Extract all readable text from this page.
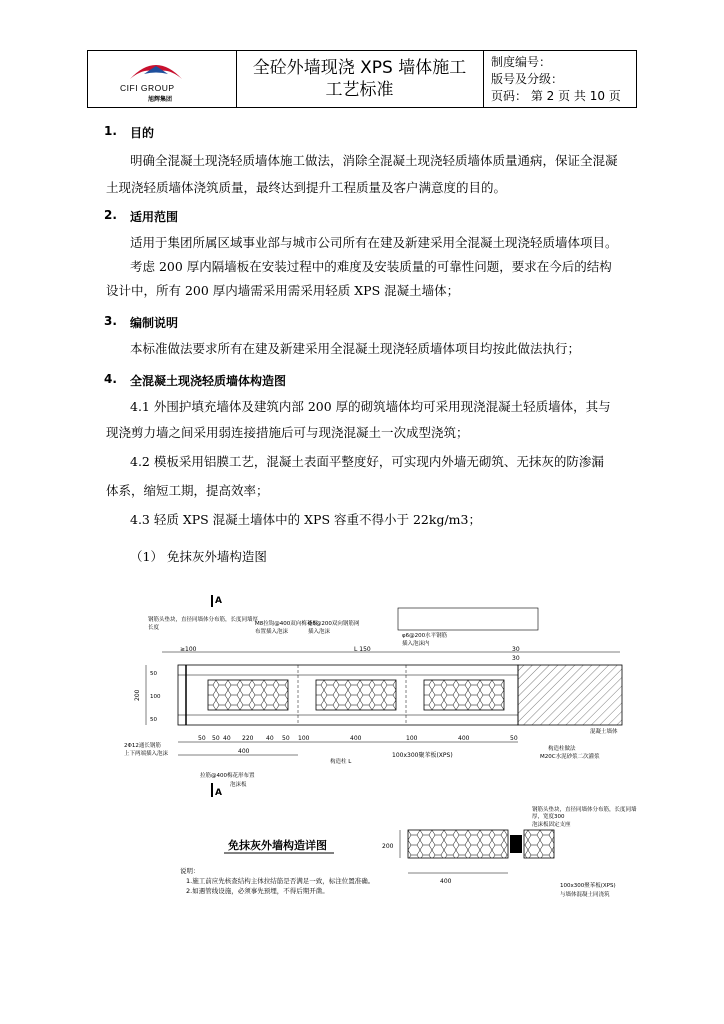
CIFI GROUP
旭辉集团
全砼外墙现浇 XPS 墙体施工
工艺标准
制度编号：
版号及分级：
页码： 第 2 页 共 10 页
1. 目的
明确全混凝土现浇轻质墙体施工做法，消除全混凝土现浇轻质墙体质量通病，保证全混凝
土现浇轻质墙体浇筑质量，最终达到提升工程质量及客户满意度的目的。
2. 适用范围
适用于集团所属区域事业部与城市公司所有在建及新建采用全混凝土现浇轻质墙体项目。
考虑 200 厚内隔墙板在安装过程中的难度及安装质量的可靠性问题，要求在今后的结构
设计中，所有 200 厚内墙需采用需采用轻质 XPS 混凝土墙体；
3. 编制说明
本标准做法要求所有在建及新建采用全混凝土现浇轻质墙体项目均按此做法执行；
4. 全混凝土现浇轻质墙体构造图
4.1 外围护填充墙体及建筑内部 200 厚的砌筑墙体均可采用现浇混凝土轻质墙体，其与
现浇剪力墙之间采用弱连接措施后可与现浇混凝土一次成型浇筑；
4.2 模板采用铝膜工艺，混凝土表面平整度好，可实现内外墙无砌筑、无抹灰的防渗漏
体系，缩短工期，提高效率；
4.3 轻质 XPS 混凝土墙体中的 XPS 容重不得小于 22kg/m3；
（1） 免抹灰外墙构造图
A
A
钢筋头垫块，直径同墙体分布筋，长度同墙厚
长度
M8拉钩@400双向梅花形
布置插入泡沫
Φ6@200双向钢筋网
插入泡沫
φ6@200水平钢筋
插入泡沫内
≥100	L 150	30
30
200
50
100
50
50 50 40 220 40 50 100	400	100	400	50
400
2Φ12通长钢筋
上下两端插入泡沫
拉筋@400梅花形布置
泡沫板
100x300聚苯板(XPS)
构造柱 L
混凝土墙体
构造柱做法
M20C水泥砂浆二次灌浆
免抹灰外墙构造详图	200
400
钢筋头垫块，直径同墙体分布筋，长度同墙
厚，宽度300
泡沫板固定支座
100x300聚苯板(XPS)
与墙体混凝土同浇筑
说明：
1.施工前应先核查结构主体拉结筋是否满足一致，标注位置准确。
2.如遇管线设施，必须事先预埋，不得后期开凿。
